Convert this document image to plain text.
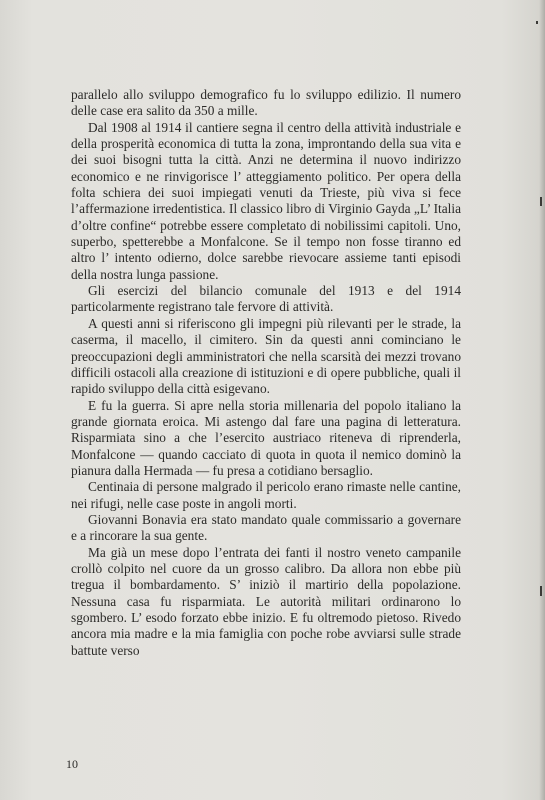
parallelo allo sviluppo demografico fu lo sviluppo edilizio. Il numero delle case era salito da 350 a mille.

Dal 1908 al 1914 il cantiere segna il centro della attività industriale e della prosperità economica di tutta la zona, improntando della sua vita e dei suoi bisogni tutta la città. Anzi ne determina il nuovo indirizzo economico e ne rinvigorisce l’ atteggiamento politico. Per opera della folta schiera dei suoi impiegati venuti da Trieste, più viva si fece l’affermazione irredentistica. Il classico libro di Virginio Gayda „L’ Italia d’oltre confine“ potrebbe essere completato di nobilissimi capitoli. Uno, superbo, spetterebbe a Monfalcone. Se il tempo non fosse tiranno ed altro l’ intento odierno, dolce sarebbe rievocare assieme tanti episodi della nostra lunga passione.

Gli esercizi del bilancio comunale del 1913 e del 1914 particolarmente registrano tale fervore di attività.

A questi anni si riferiscono gli impegni più rilevanti per le strade, la caserma, il macello, il cimitero. Sin da questi anni cominciano le preoccupazioni degli amministratori che nella scarsità dei mezzi trovano difficili ostacoli alla creazione di istituzioni e di opere pubbliche, quali il rapido sviluppo della città esigevano.

E fu la guerra. Si apre nella storia millenaria del popolo italiano la grande giornata eroica. Mi astengo dal fare una pagina di letteratura. Risparmiata sino a che l’esercito austriaco riteneva di riprenderla, Monfalcone — quando cacciato di quota in quota il nemico dominò la pianura dalla Hermada — fu presa a cotidiano bersaglio.

Centinaia di persone malgrado il pericolo erano rimaste nelle cantine, nei rifugi, nelle case poste in angoli morti.

Giovanni Bonavia era stato mandato quale commissario a governare e a rincorare la sua gente.

Ma già un mese dopo l’entrata dei fanti il nostro veneto campanile crollò colpito nel cuore da un grosso calibro. Da allora non ebbe più tregua il bombardamento. S’ iniziò il martirio della popolazione. Nessuna casa fu risparmiata. Le autorità militari ordinarono lo sgombero. L’ esodo forzato ebbe inizio. E fu oltremodo pietoso. Rivedo ancora mia madre e la mia famiglia con poche robe avviarsi sulle strade battute verso

10
